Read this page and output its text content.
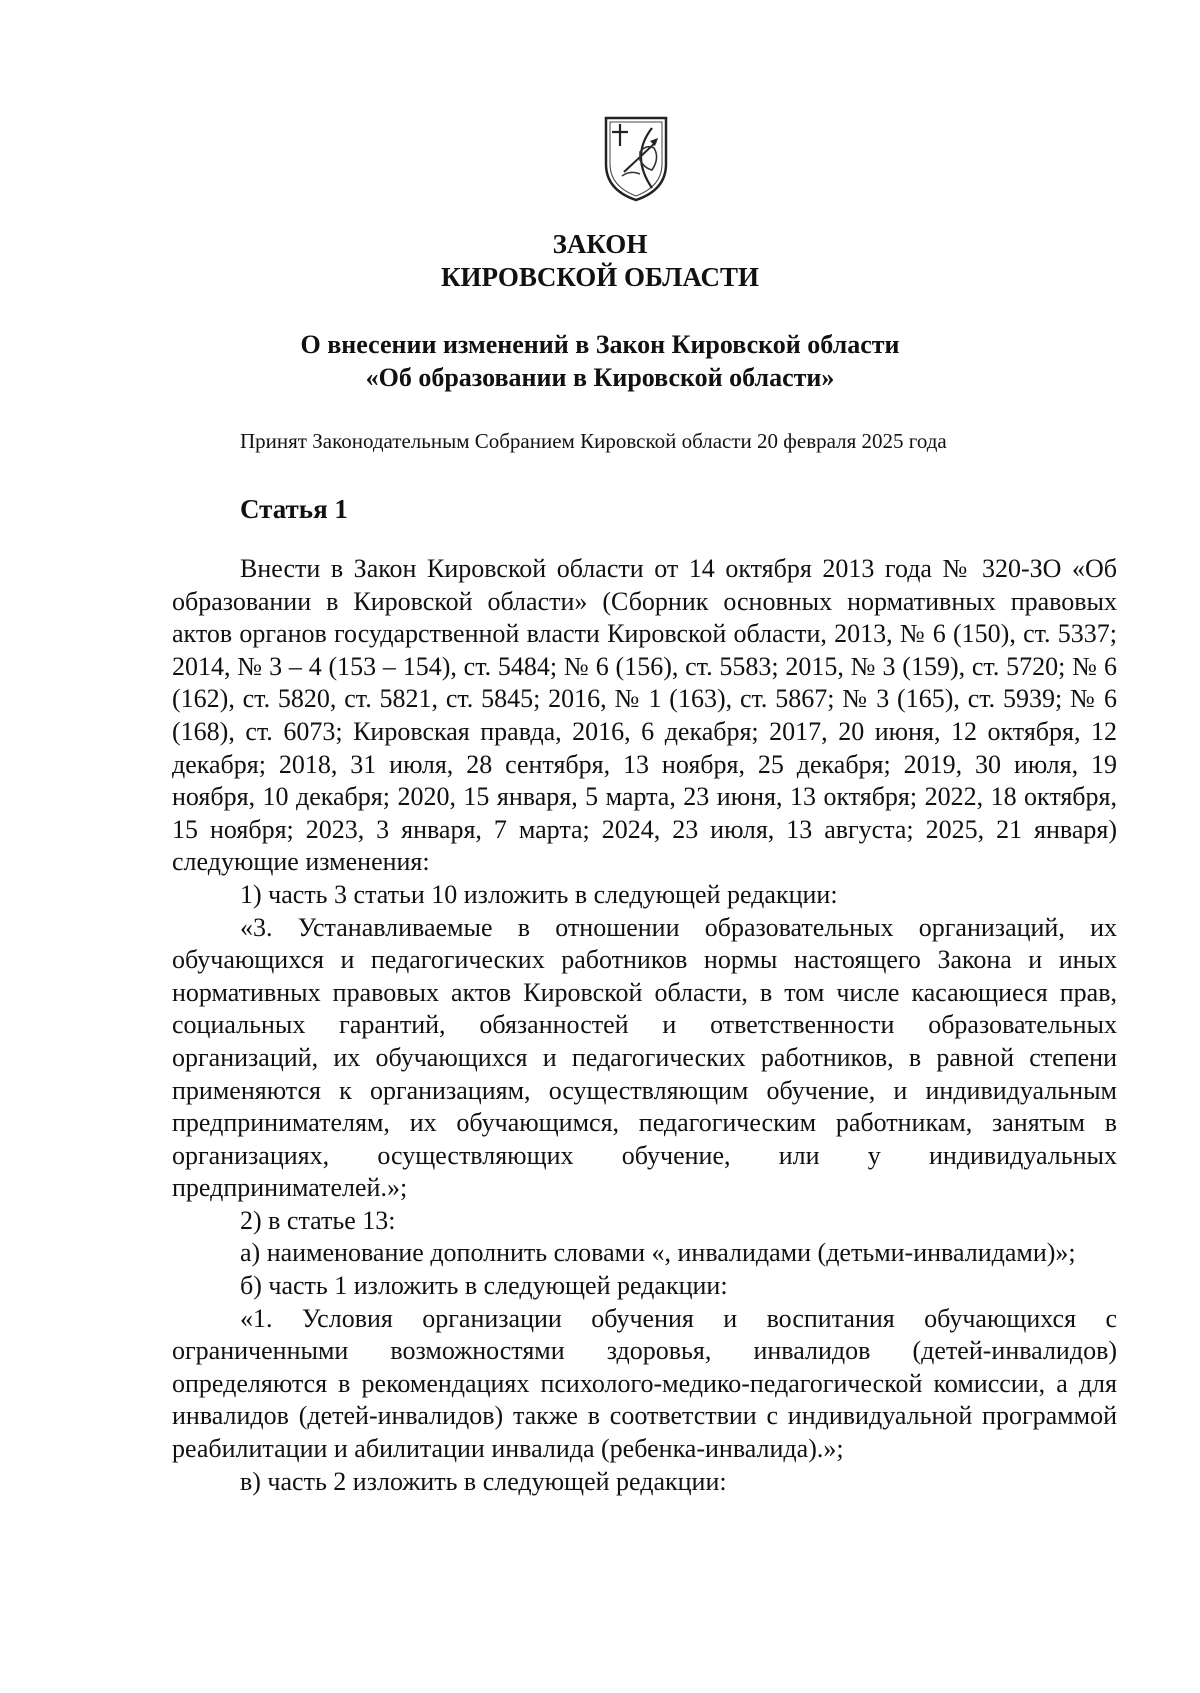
ЗАКОН

КИРОВСКОЙ ОБЛАСТИ

О внесении изменений в Закон Кировской области

«Об образовании в Кировской области»

Принят Законодательным Собранием Кировской области 20 февраля 2025 года
Статья 1

Внести в Закон Кировской области от 14 октября 2013 года № 320-ЗО «Об образовании в Кировской области» (Сборник основных нормативных правовых актов органов государственной власти Кировской области, 2013, № 6 (150), ст. 5337; 2014, № 3 – 4 (153 – 154), ст. 5484; № 6 (156), ст. 5583; 2015, № 3 (159), ст. 5720; № 6 (162), ст. 5820, ст. 5821, ст. 5845; 2016, № 1 (163), ст. 5867; № 3 (165), ст. 5939; № 6 (168), ст. 6073; Кировская правда, 2016, 6 декабря; 2017, 20 июня, 12 октября, 12 декабря; 2018, 31 июля, 28 сентября, 13 ноября, 25 декабря; 2019, 30 июля, 19 ноября, 10 декабря; 2020, 15 января, 5 марта, 23 июня, 13 октября; 2022, 18 октября, 15 ноября; 2023, 3 января, 7 марта; 2024, 23 июля, 13 августа; 2025, 21 января) следующие изменения:

1) часть 3 статьи 10 изложить в следующей редакции:

«3. Устанавливаемые в отношении образовательных организаций, их обучающихся и педагогических работников нормы настоящего Закона и иных нормативных правовых актов Кировской области, в том числе касающиеся прав, социальных гарантий, обязанностей и ответственности образовательных организаций, их обучающихся и педагогических работников, в равной степени применяются к организациям, осуществляющим обучение, и индивидуальным предпринимателям, их обучающимся, педагогическим работникам, занятым в организациях, осуществляющих обучение, или у индивидуальных предпринимателей.»;

2) в статье 13:

а) наименование дополнить словами «, инвалидами (детьми-инвалидами)»;

б) часть 1 изложить в следующей редакции:

«1. Условия организации обучения и воспитания обучающихся с ограниченными возможностями здоровья, инвалидов (детей-инвалидов) определяются в рекомендациях психолого-медико-педагогической комиссии, а для инвалидов (детей-инвалидов) также в соответствии с индивидуальной программой реабилитации и абилитации инвалида (ребенка-инвалида).»;

в) часть 2 изложить в следующей редакции:
